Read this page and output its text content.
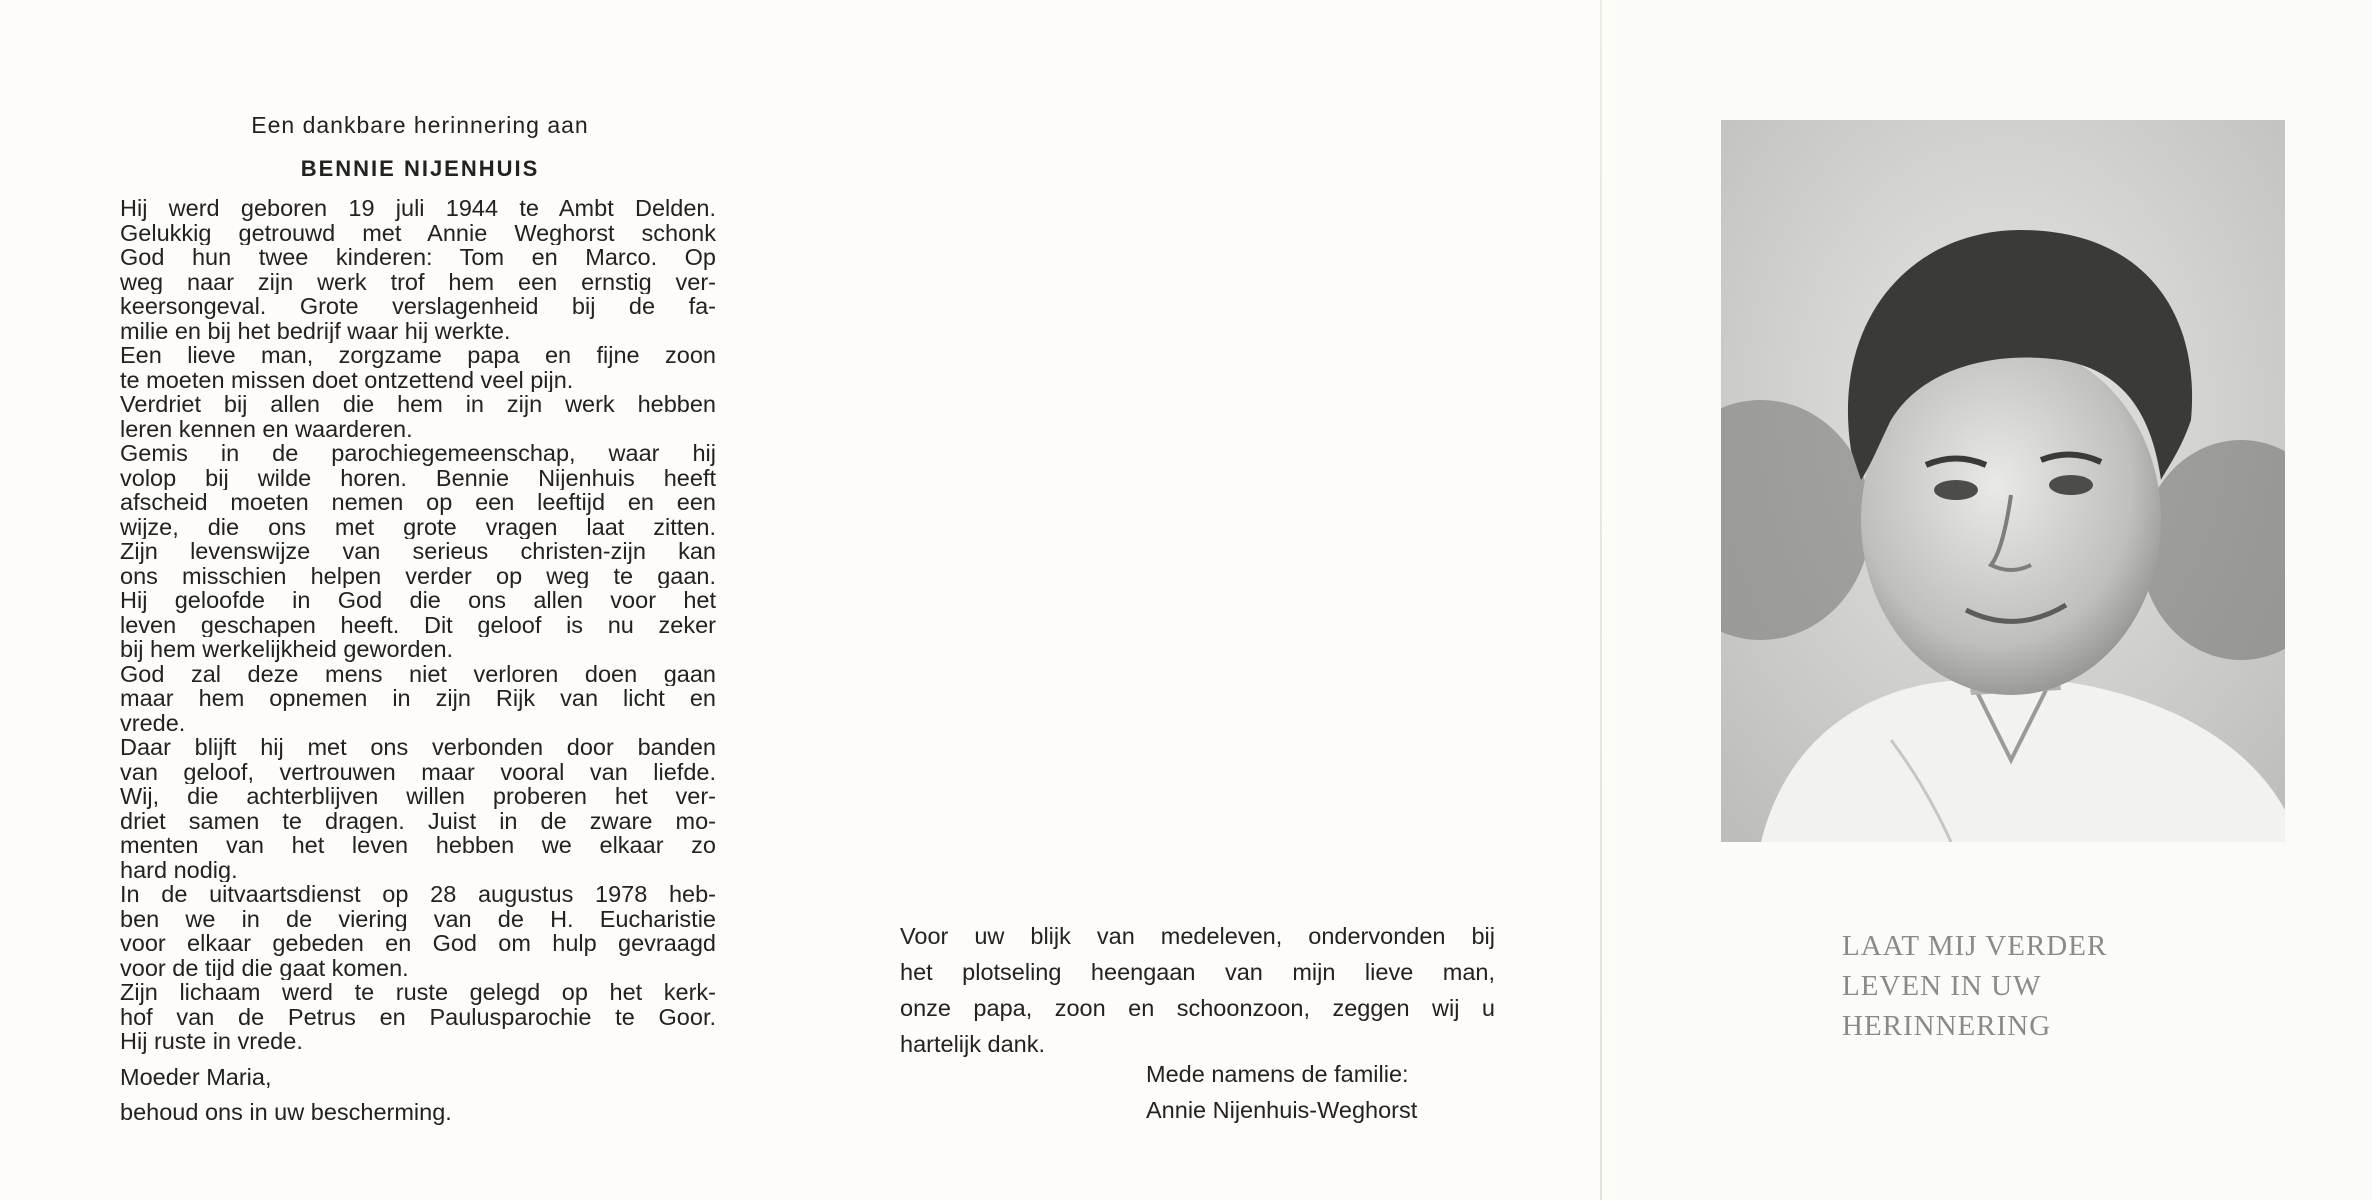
Een dankbare herinnering aan
BENNIE NIJENHUIS
Hij werd geboren 19 juli 1944 te Ambt Delden.
Gelukkig getrouwd met Annie Weghorst schonk
God hun twee kinderen: Tom en Marco. Op
weg naar zijn werk trof hem een ernstig ver-
keersongeval. Grote verslagenheid bij de fa-
milie en bij het bedrijf waar hij werkte.
Een lieve man, zorgzame papa en fijne zoon
te moeten missen doet ontzettend veel pijn.
Verdriet bij allen die hem in zijn werk hebben
leren kennen en waarderen.
Gemis in de parochiegemeenschap, waar hij
volop bij wilde horen. Bennie Nijenhuis heeft
afscheid moeten nemen op een leeftijd en een
wijze, die ons met grote vragen laat zitten.
Zijn levenswijze van serieus christen-zijn kan
ons misschien helpen verder op weg te gaan.
Hij geloofde in God die ons allen voor het
leven geschapen heeft. Dit geloof is nu zeker
bij hem werkelijkheid geworden.
God zal deze mens niet verloren doen gaan
maar hem opnemen in zijn Rijk van licht en
vrede.
Daar blijft hij met ons verbonden door banden
van geloof, vertrouwen maar vooral van liefde.
Wij, die achterblijven willen proberen het ver-
driet samen te dragen. Juist in de zware mo-
menten van het leven hebben we elkaar zo
hard nodig.
In de uitvaartsdienst op 28 augustus 1978 heb-
ben we in de viering van de H. Eucharistie
voor elkaar gebeden en God om hulp gevraagd
voor de tijd die gaat komen.
Zijn lichaam werd te ruste gelegd op het kerk-
hof van de Petrus en Paulusparochie te Goor.
Hij ruste in vrede.
Moeder Maria,
behoud ons in uw bescherming.
Voor uw blijk van medeleven, ondervonden bij
het plotseling heengaan van mijn lieve man,
onze papa, zoon en schoonzoon, zeggen wij u
hartelijk dank.
Mede namens de familie:
Annie Nijenhuis-Weghorst
LAAT MIJ VERDER
LEVEN IN UW
HERINNERING
